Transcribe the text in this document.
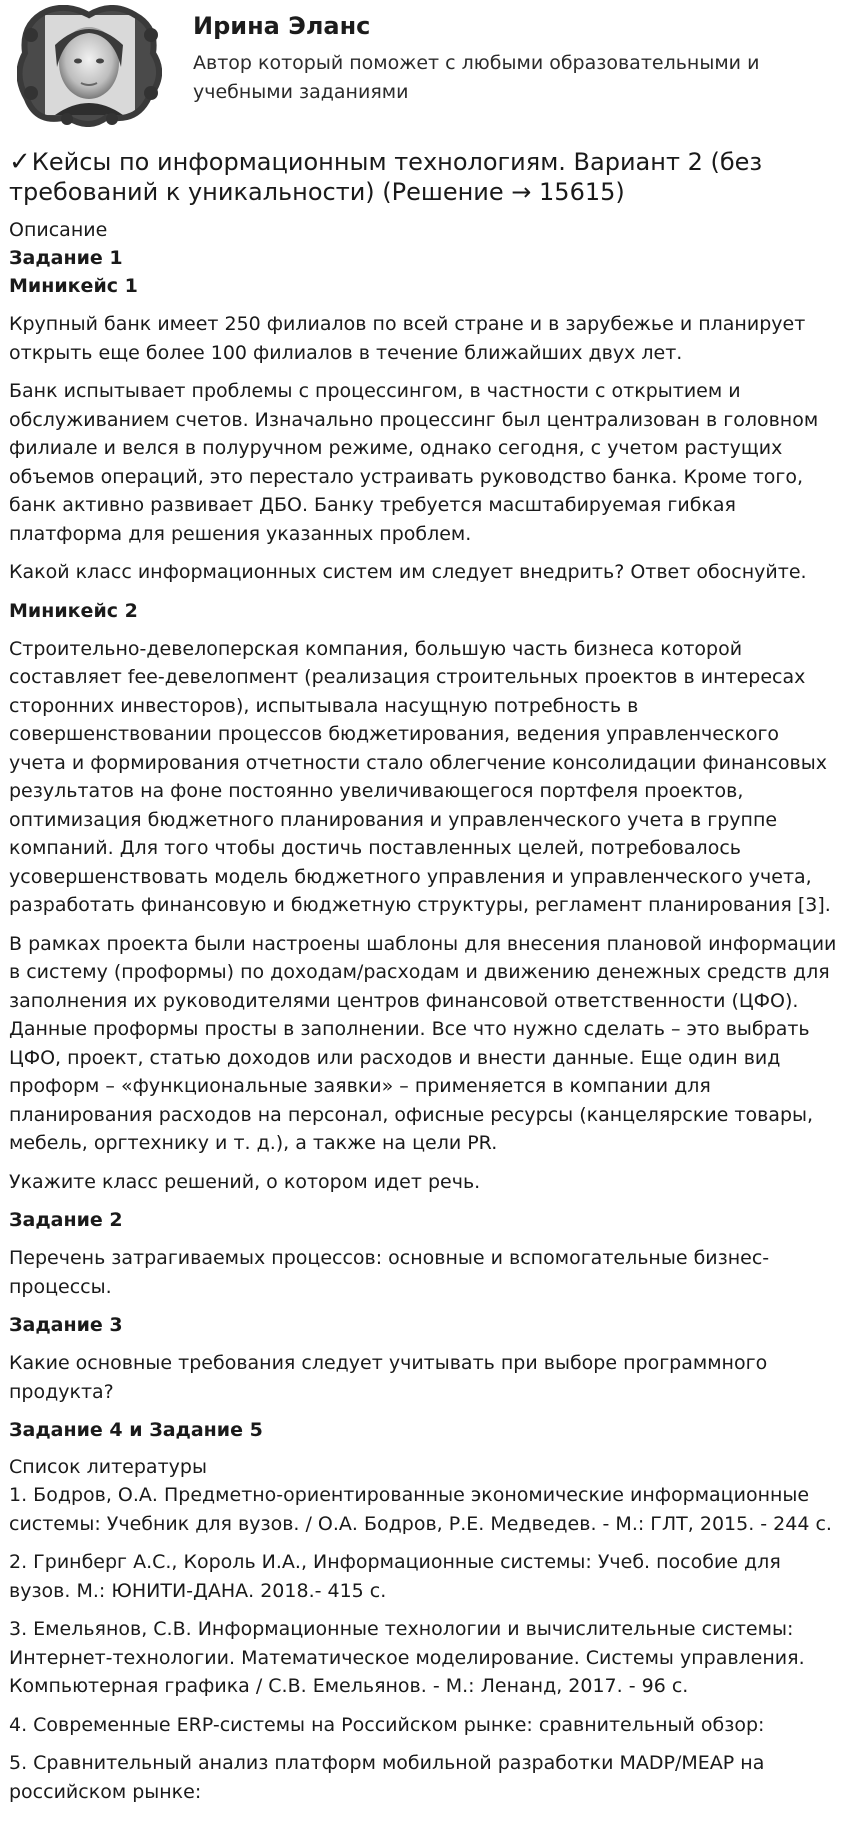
Ирина Эланс
Автор который поможет с любыми образовательными и учебными заданиями
✓Кейсы по информационным технологиям. Вариант 2 (без требований к уникальности) (Решение → 15615)
Описание
Задание 1
Миникейс 1

Крупный банк имеет 250 филиалов по всей стране и в зарубежье и планирует открыть еще более 100 филиалов в течение ближайших двух лет.

Банк испытывает проблемы с процессингом, в частности с открытием и обслуживанием счетов. Изначально процессинг был централизован в головном филиале и велся в полуручном режиме, однако сегодня, с учетом растущих объемов операций, это перестало устраивать руководство банка. Кроме того, банк активно развивает ДБО. Банку требуется масштабируемая гибкая платформа для решения указанных проблем.

Какой класс информационных систем им следует внедрить? Ответ обоснуйте.

Миникейс 2

Строительно-девелоперская компания, большую часть бизнеса которой составляет fee-девелопмент (реализация строительных проектов в интересах сторонних инвесторов), испытывала насущную потребность в совершенствовании процессов бюджетирования, ведения управленческого учета и формирования отчетности стало облегчение консолидации финансовых результатов на фоне постоянно увеличивающегося портфеля проектов, оптимизация бюджетного планирования и управленческого учета в группе компаний. Для того чтобы достичь поставленных целей, потребовалось усовершенствовать модель бюджетного управления и управленческого учета, разработать финансовую и бюджетную структуры, регламент планирования [3].

В рамках проекта были настроены шаблоны для внесения плановой информации в систему (проформы) по доходам/расходам и движению денежных средств для заполнения их руководителями центров финансовой ответственности (ЦФО). Данные проформы просты в заполнении. Все что нужно сделать – это выбрать ЦФО, проект, статью доходов или расходов и внести данные. Еще один вид проформ – «функциональные заявки» – применяется в компании для планирования расходов на персонал, офисные ресурсы (канцелярские товары, мебель, оргтехнику и т. д.), а также на цели PR.

Укажите класс решений, о котором идет речь.

Задание 2

Перечень затрагиваемых процессов: основные и вспомогательные бизнес-процессы.

Задание 3

Какие основные требования следует учитывать при выборе программного продукта?

Задание 4 и Задание 5
Список литературы

1. Бодров, О.А. Предметно-ориентированные экономические информационные системы: Учебник для вузов. / О.А. Бодров, Р.Е. Медведев. - М.: ГЛТ, 2015. - 244 c.

2. Гринберг А.С., Король И.А., Информационные системы: Учеб. пособие для вузов. М.: ЮНИТИ-ДАНА. 2018.- 415 с.

3. Емельянов, С.В. Информационные технологии и вычислительные системы: Интернет-технологии. Математическое моделирование. Системы управления. Компьютерная графика / С.В. Емельянов. - М.: Ленанд, 2017. - 96 c.

4. Современные ERP-системы на Российском рынке: сравнительный обзор:

5. Сравнительный анализ платформ мобильной разработки MADP/MEAP на российском рынке:
